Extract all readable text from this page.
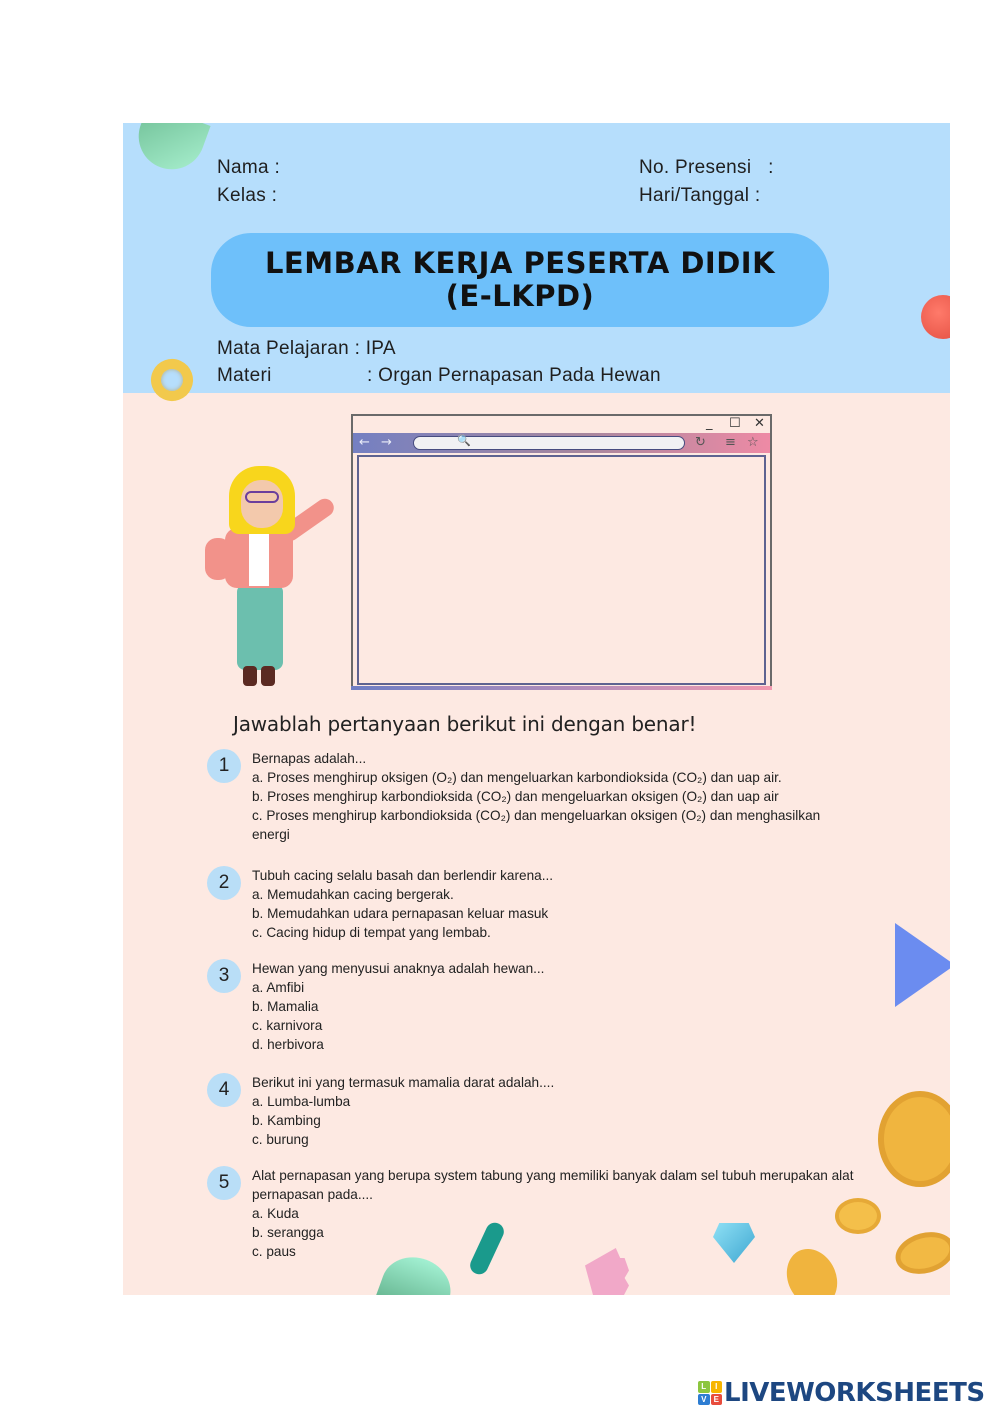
Nama :
Kelas :
No. Presensi   :
Hari/Tanggal :
LEMBAR KERJA PESERTA DIDIK
(E-LKPD)
Mata Pelajaran : IPA
Materi	: Organ Pernapasan Pada Hewan
_ ☐ ✕
← →	🔍	↻ ≡ ☆
Jawablah pertanyaan berikut ini dengan benar!
1	Bernapas adalah...
a. Proses menghirup oksigen (O₂) dan mengeluarkan karbondioksida (CO₂) dan uap air.
b. Proses menghirup karbondioksida (CO₂) dan mengeluarkan oksigen (O₂) dan uap air
c. Proses menghirup karbondioksida (CO₂) dan mengeluarkan oksigen (O₂) dan menghasilkan energi
2	Tubuh cacing selalu basah dan berlendir karena...
a. Memudahkan cacing bergerak.
b. Memudahkan udara pernapasan keluar masuk
c. Cacing hidup di tempat yang lembab.
3	Hewan yang menyusui anaknya adalah hewan...
a. Amfibi
b. Mamalia
c. karnivora
d. herbivora
4	Berikut ini yang termasuk mamalia darat adalah....
a. Lumba-lumba
b. Kambing
c. burung
5	Alat pernapasan yang berupa system tabung yang memiliki banyak dalam sel tubuh merupakan alat pernapasan pada....
a. Kuda
b. serangga
c. paus
L	I
V E LIVEWORKSHEETS
